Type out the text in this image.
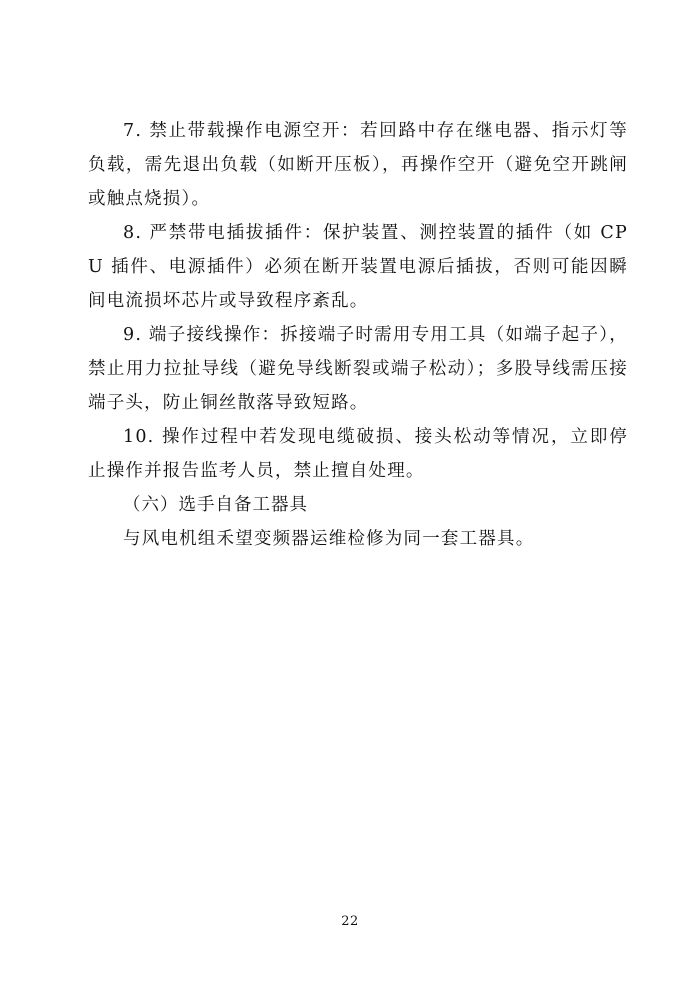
7. 禁止带载操作电源空开：若回路中存在继电器、指示灯等负载，需先退出负载（如断开压板），再操作空开（避免空开跳闸或触点烧损）。

8. 严禁带电插拔插件：保护装置、测控装置的插件（如 CPU 插件、电源插件）必须在断开装置电源后插拔，否则可能因瞬间电流损坏芯片或导致程序紊乱。

9. 端子接线操作：拆接端子时需用专用工具（如端子起子），禁止用力拉扯导线（避免导线断裂或端子松动）；多股导线需压接端子头，防止铜丝散落导致短路。

10. 操作过程中若发现电缆破损、接头松动等情况，立即停止操作并报告监考人员，禁止擅自处理。

（六）选手自备工器具

与风电机组禾望变频器运维检修为同一套工器具。

22
